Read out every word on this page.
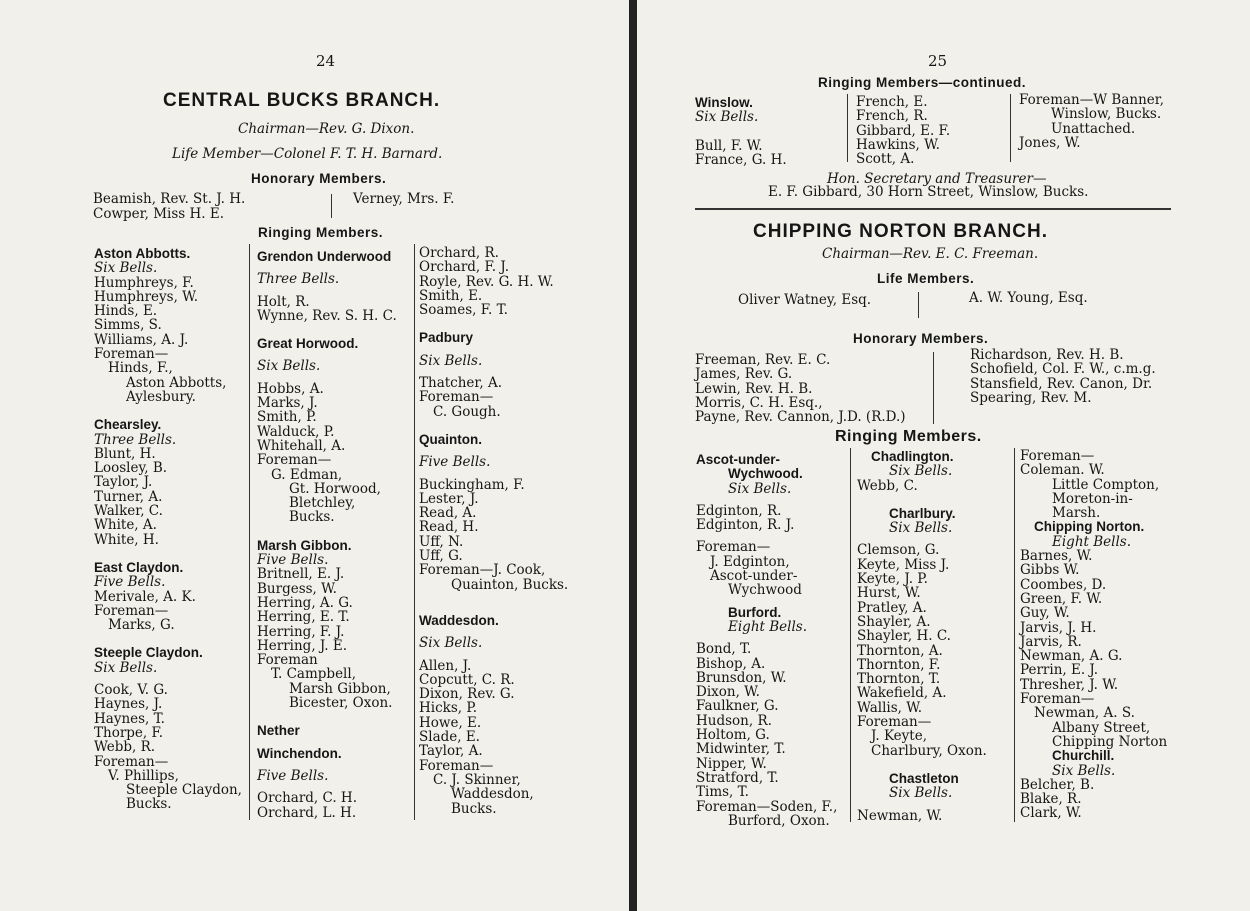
24
CENTRAL BUCKS BRANCH.
Chairman—Rev. G. Dixon.
Life Member—Colonel F. T. H. Barnard.
Honorary Members.
Beamish, Rev. St. J. H.
Cowper, Miss H. E.
Verney, Mrs. F.
Ringing Members.
Aston Abbotts.
Six Bells.
Humphreys, F.
Humphreys, W.
Hinds, E.
Simms, S.
Williams, A. J.
Foreman—
Hinds, F.,
Aston Abbotts,
Aylesbury.
Chearsley.
Three Bells.
Blunt, H.
Loosley, B.
Taylor, J.
Turner, A.
Walker, C.
White, A.
White, H.
East Claydon.
Five Bells.
Merivale, A. K.
Foreman—
Marks, G.
Steeple Claydon.
Six Bells.
Cook, V. G.
Haynes, J.
Haynes, T.
Thorpe, F.
Webb, R.
Foreman—
V. Phillips,
Steeple Claydon,
Bucks.
Grendon Underwood
Three Bells.
Holt, R.
Wynne, Rev. S. H. C.
Great Horwood.
Six Bells.
Hobbs, A.
Marks, J.
Smith, P.
Walduck, P.
Whitehall, A.
Foreman—
G. Edman,
Gt. Horwood,
Bletchley,
Bucks.
Marsh Gibbon.
Five Bells.
Britnell, E. J.
Burgess, W.
Herring, A. G.
Herring, E. T.
Herring, F. J.
Herring, J. E.
Foreman
T. Campbell,
Marsh Gibbon,
Bicester, Oxon.
Nether
Winchendon.
Five Bells.
Orchard, C. H.
Orchard, L. H.
Orchard, R.
Orchard, F. J.
Royle, Rev. G. H. W.
Smith, E.
Soames, F. T.
Padbury
Six Bells.
Thatcher, A.
Foreman—
C. Gough.
Quainton.
Five Bells.
Buckingham, F.
Lester, J.
Read, A.
Read, H.
Uff, N.
Uff, G.
Foreman—J. Cook,
Quainton, Bucks.
Waddesdon.
Six Bells.
Allen, J.
Copcutt, C. R.
Dixon, Rev. G.
Hicks, P.
Howe, E.
Slade, E.
Taylor, A.
Foreman—
C. J. Skinner,
Waddesdon,
Bucks.
25
Ringing Members—continued.
Winslow.
Six Bells.
Bull, F. W.
France, G. H.
French, E.
French, R.
Gibbard, E. F.
Hawkins, W.
Scott, A.
Foreman—W Banner,
Winslow, Bucks.
Unattached.
Jones, W.
Hon. Secretary and Treasurer—
E. F. Gibbard, 30 Horn Street, Winslow, Bucks.
CHIPPING NORTON BRANCH.
Chairman—Rev. E. C. Freeman.
Life Members.
Oliver Watney, Esq.	A. W. Young, Esq.
Honorary Members.
Freeman, Rev. E. C.
James, Rev. G.
Lewin, Rev. H. B.
Morris, C. H. Esq.,
Payne, Rev. Cannon, J.D. (R.D.)
Richardson, Rev. H. B.
Schofield, Col. F. W., c.m.g.
Stansfield, Rev. Canon, Dr.
Spearing, Rev. M.
Ringing Members.
Ascot-under-
Wychwood.
Six Bells.
Edginton, R.
Edginton, R. J.
Foreman—
J. Edginton,
Ascot-under-
Wychwood
Burford.
Eight Bells.
Bond, T.
Bishop, A.
Brunsdon, W.
Dixon, W.
Faulkner, G.
Hudson, R.
Holtom, G.
Midwinter, T.
Nipper, W.
Stratford, T.
Tims, T.
Foreman—Soden, F.,
Burford, Oxon.
Chadlington.
Six Bells.
Webb, C.
Charlbury.
Six Bells.
Clemson, G.
Keyte, Miss J.
Keyte, J. P.
Hurst, W.
Pratley, A.
Shayler, A.
Shayler, H. C.
Thornton, A.
Thornton, F.
Thornton, T.
Wakefield, A.
Wallis, W.
Foreman—
J. Keyte,
Charlbury, Oxon.
Chastleton
Six Bells.
Newman, W.
Foreman—
Coleman. W.
Little Compton,
Moreton-in-
Marsh.
Chipping Norton.
Eight Bells.
Barnes, W.
Gibbs W.
Coombes, D.
Green, F. W.
Guy, W.
Jarvis, J. H.
Jarvis, R.
Newman, A. G.
Perrin, E. J.
Thresher, J. W.
Foreman—
Newman, A. S.
Albany Street,
Chipping Norton
Churchill.
Six Bells.
Belcher, B.
Blake, R.
Clark, W.
